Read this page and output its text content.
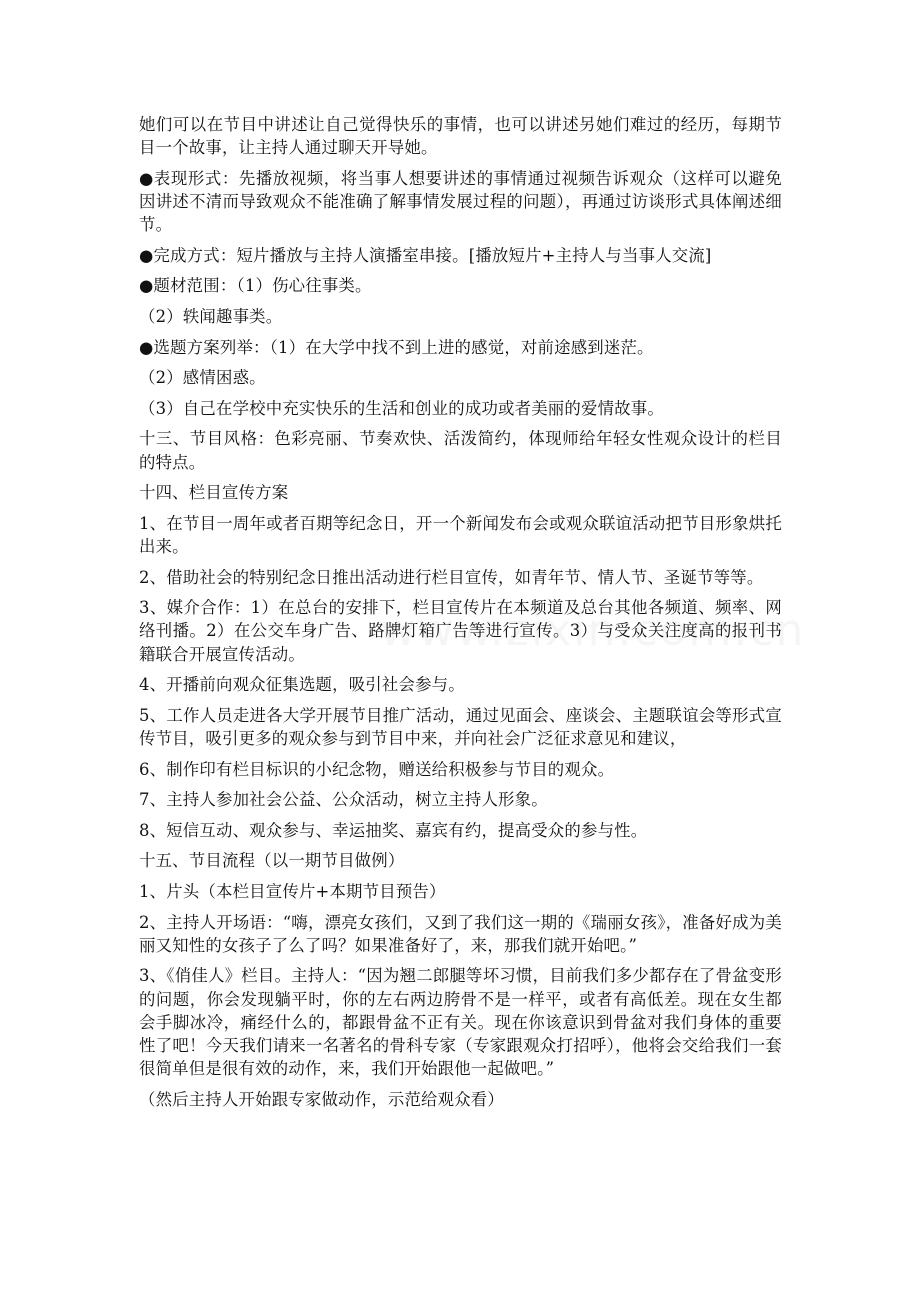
她们可以在节目中讲述让自己觉得快乐的事情，也可以讲述另她们难过的经历，每期节目一个故事，让主持人通过聊天开导她。

●表现形式：先播放视频，将当事人想要讲述的事情通过视频告诉观众（这样可以避免因讲述不清而导致观众不能准确了解事情发展过程的问题），再通过访谈形式具体阐述细节。

●完成方式：短片播放与主持人演播室串接。[播放短片+主持人与当事人交流]

●题材范围：（1）伤心往事类。

（2）轶闻趣事类。

●选题方案列举：（1）在大学中找不到上进的感觉，对前途感到迷茫。

（2）感情困惑。

（3）自己在学校中充实快乐的生活和创业的成功或者美丽的爱情故事。

十三、节目风格：色彩亮丽、节奏欢快、活泼简约，体现师给年轻女性观众设计的栏目的特点。

十四、栏目宣传方案

1、在节目一周年或者百期等纪念日，开一个新闻发布会或观众联谊活动把节目形象烘托出来。

2、借助社会的特别纪念日推出活动进行栏目宣传，如青年节、情人节、圣诞节等等。

3、媒介合作：1）在总台的安排下，栏目宣传片在本频道及总台其他各频道、频率、网络刊播。2）在公交车身广告、路牌灯箱广告等进行宣传。3）与受众关注度高的报刊书籍联合开展宣传活动。

4、开播前向观众征集选题，吸引社会参与。

5、工作人员走进各大学开展节目推广活动，通过见面会、座谈会、主题联谊会等形式宣传节目，吸引更多的观众参与到节目中来，并向社会广泛征求意见和建议，

6、制作印有栏目标识的小纪念物，赠送给积极参与节目的观众。

7、主持人参加社会公益、公众活动，树立主持人形象。

8、短信互动、观众参与、幸运抽奖、嘉宾有约，提高受众的参与性。

十五、节目流程（以一期节目做例）

1、片头（本栏目宣传片+本期节目预告）

2、主持人开场语：“嗨，漂亮女孩们，又到了我们这一期的《瑞丽女孩》，准备好成为美丽又知性的女孩子了么了吗？如果准备好了，来，那我们就开始吧。”

3、《俏佳人》栏目。主持人：“因为翘二郎腿等坏习惯，目前我们多少都存在了骨盆变形的问题，你会发现躺平时，你的左右两边胯骨不是一样平，或者有高低差。现在女生都会手脚冰冷，痛经什么的，都跟骨盆不正有关。现在你该意识到骨盆对我们身体的重要性了吧！今天我们请来一名著名的骨科专家（专家跟观众打招呼），他将会交给我们一套很简单但是很有效的动作，来，我们开始跟他一起做吧。”

（然后主持人开始跟专家做动作，示范给观众看）
